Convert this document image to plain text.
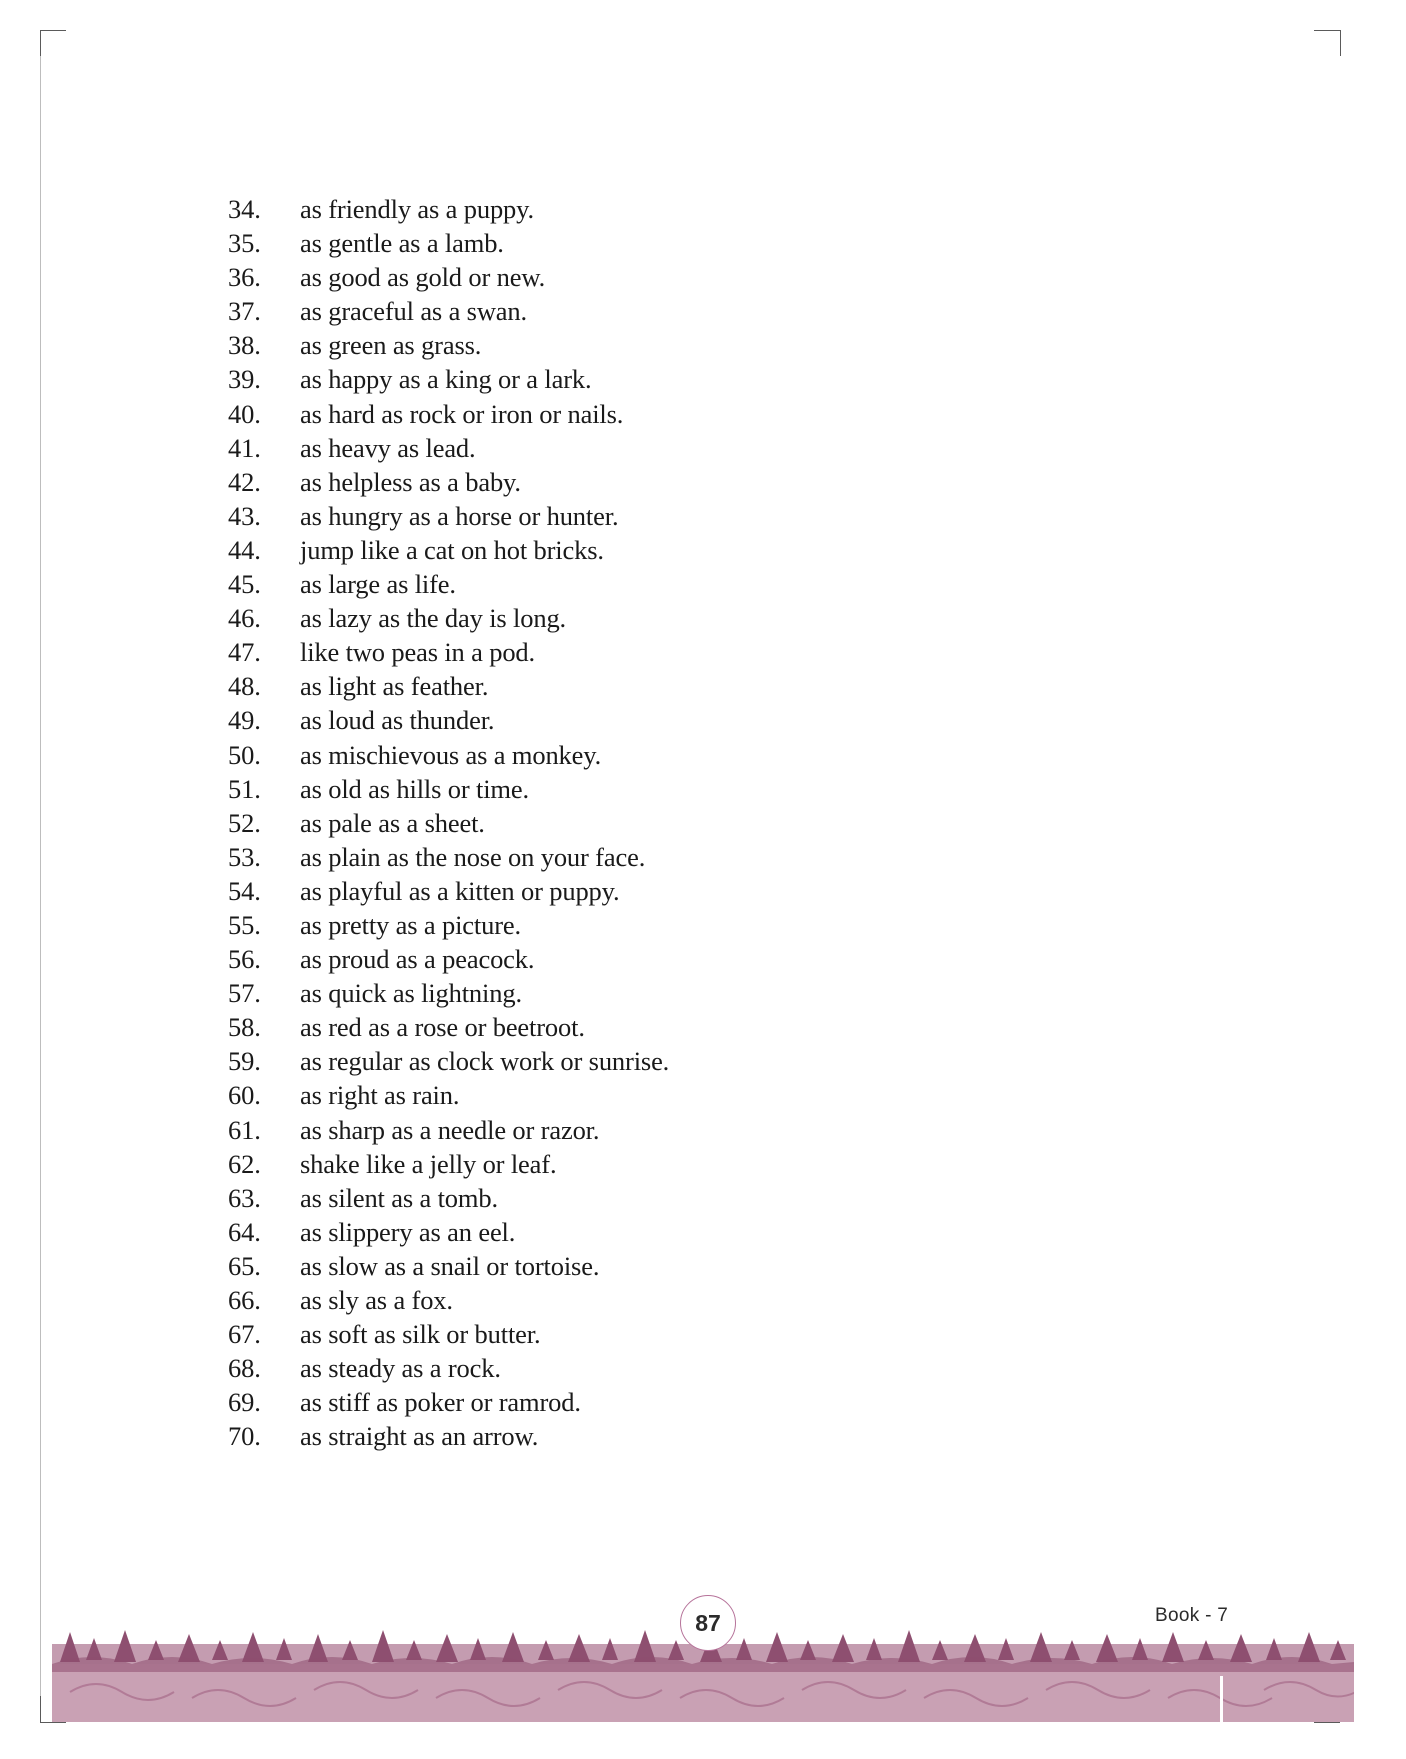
34.	as friendly as a puppy.
35.	as gentle as a lamb.
36.	as good as gold or new.
37.	as graceful as a swan.
38.	as green as grass.
39.	as happy as a king or a lark.
40.	as hard as rock or iron or nails.
41.	as heavy as lead.
42.	as helpless as a baby.
43.	as hungry as a horse or hunter.
44.	jump like a cat on hot bricks.
45.	as large as life.
46.	as lazy as the day is long.
47.	like two peas in a pod.
48.	as light as feather.
49.	as loud as thunder.
50.	as mischievous as a monkey.
51.	as old as hills or time.
52.	as pale as a sheet.
53.	as plain as the nose on your face.
54.	as playful as a kitten or puppy.
55.	as pretty as a picture.
56.	as proud as a peacock.
57.	as quick as lightning.
58.	as red as a rose or beetroot.
59.	as regular as clock work or sunrise.
60.	as right as rain.
61.	as sharp as a needle or razor.
62.	shake like a jelly or leaf.
63.	as silent as a tomb.
64.	as slippery as an eel.
65.	as slow as a snail or tortoise.
66.	as sly as a fox.
67.	as soft as silk or butter.
68.	as steady as a rock.
69.	as stiff as poker or ramrod.
70.	as straight as an arrow.
87	Book - 7
